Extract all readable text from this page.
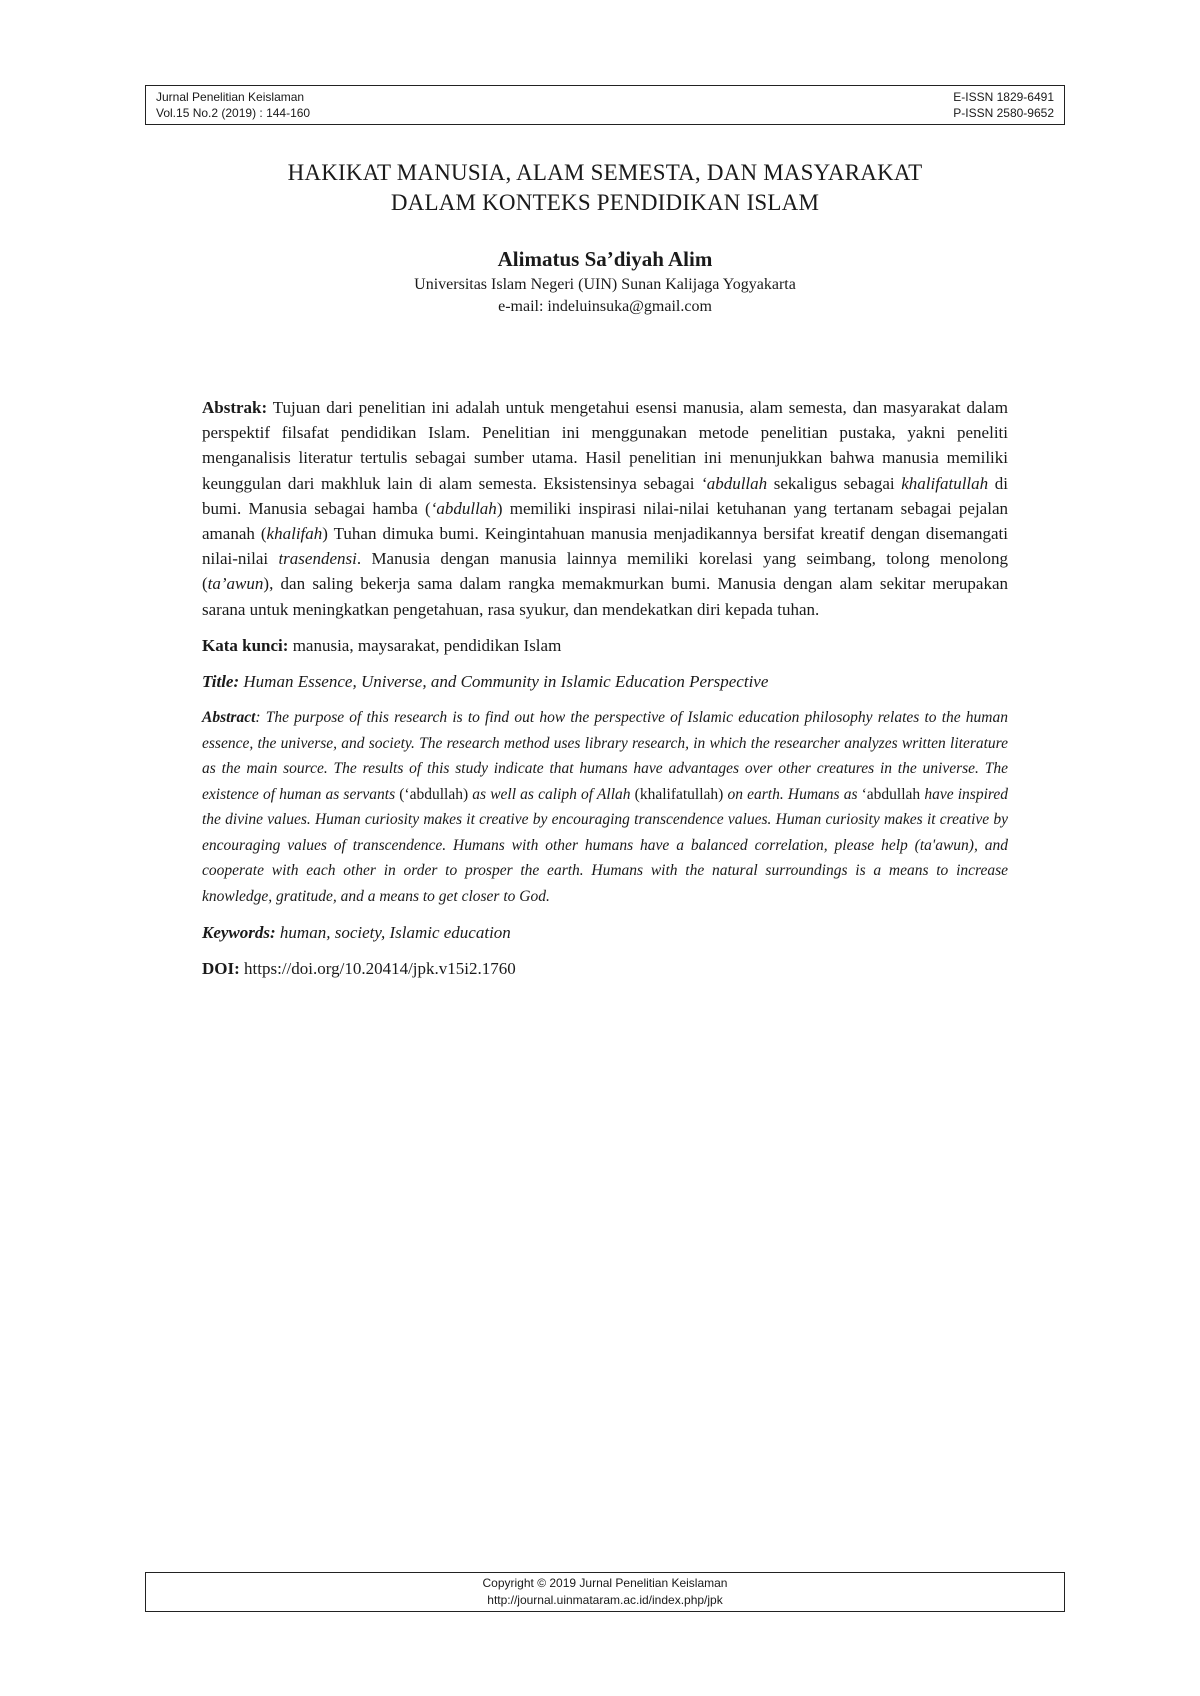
Jurnal Penelitian Keislaman	E-ISSN 1829-6491
Vol.15 No.2 (2019) : 144-160	P-ISSN 2580-9652
HAKIKAT MANUSIA, ALAM SEMESTA, DAN MASYARAKAT
DALAM KONTEKS PENDIDIKAN ISLAM
Alimatus Sa’diyah Alim
Universitas Islam Negeri (UIN) Sunan Kalijaga Yogyakarta
e-mail: indeluinsuka@gmail.com

Abstrak: Tujuan dari penelitian ini adalah untuk mengetahui esensi manusia, alam semesta, dan masyarakat dalam perspektif filsafat pendidikan Islam. Penelitian ini menggunakan metode penelitian pustaka, yakni peneliti menganalisis literatur tertulis sebagai sumber utama. Hasil penelitian ini menunjukkan bahwa manusia memiliki keunggulan dari makhluk lain di alam semesta. Eksistensinya sebagai ‘abdullah sekaligus sebagai khalifatullah di bumi. Manusia sebagai hamba (‘abdullah) memiliki inspirasi nilai-nilai ketuhanan yang tertanam sebagai pejalan amanah (khalifah) Tuhan dimuka bumi. Keingintahuan manusia menjadikannya bersifat kreatif dengan disemangati nilai-nilai trasendensi. Manusia dengan manusia lainnya memiliki korelasi yang seimbang, tolong menolong (ta’awun), dan saling bekerja sama dalam rangka memakmurkan bumi. Manusia dengan alam sekitar merupakan sarana untuk meningkatkan pengetahuan, rasa syukur, dan mendekatkan diri kepada tuhan.

Kata kunci: manusia, maysarakat, pendidikan Islam

Title: Human Essence, Universe, and Community in Islamic Education Perspective

Abstract: The purpose of this research is to find out how the perspective of Islamic education philosophy relates to the human essence, the universe, and society. The research method uses library research, in which the researcher analyzes written literature as the main source. The results of this study indicate that humans have advantages over other creatures in the universe. The existence of human as servants (‘abdullah) as well as caliph of Allah (khalifatullah) on earth. Humans as ‘abdullah have inspired the divine values. Human curiosity makes it creative by encouraging transcendence values. Human curiosity makes it creative by encouraging values of transcendence. Humans with other humans have a balanced correlation, please help (ta'awun), and cooperate with each other in order to prosper the earth. Humans with the natural surroundings is a means to increase knowledge, gratitude, and a means to get closer to God.

Keywords: human, society, Islamic education

DOI: https://doi.org/10.20414/jpk.v15i2.1760

Copyright © 2019 Jurnal Penelitian Keislaman
http://journal.uinmataram.ac.id/index.php/jpk
